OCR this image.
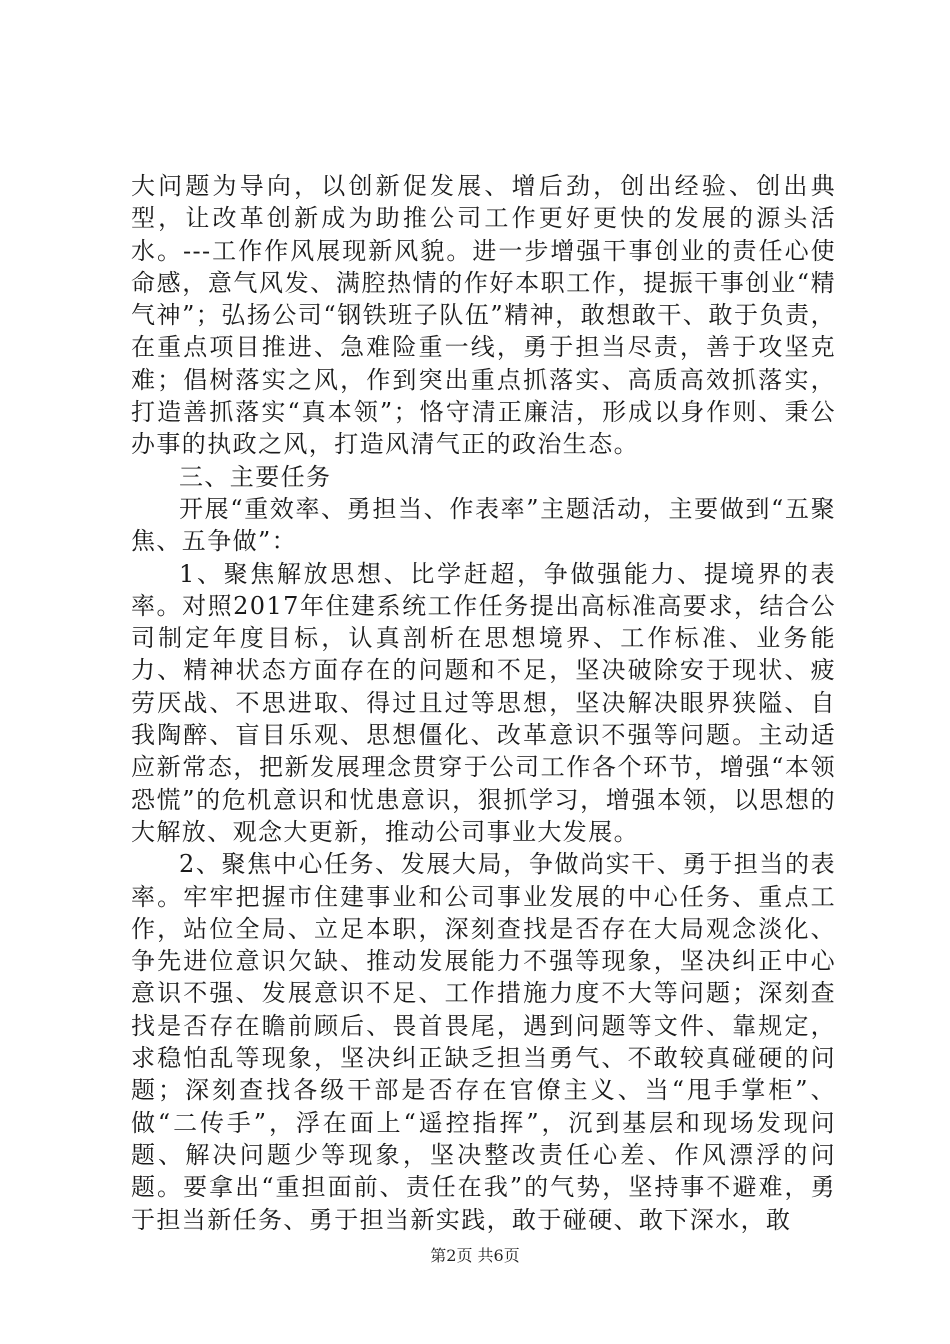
大问题为导向，以创新促发展、增后劲，创出经验、创出典型，让改革创新成为助推公司工作更好更快的发展的源头活水。---工作作风展现新风貌。进一步增强干事创业的责任心使命感，意气风发、满腔热情的作好本职工作，提振干事创业“精气神”；弘扬公司“钢铁班子队伍”精神，敢想敢干、敢于负责，在重点项目推进、急难险重一线，勇于担当尽责，善于攻坚克难；倡树落实之风，作到突出重点抓落实、高质高效抓落实，打造善抓落实“真本领”；恪守清正廉洁，形成以身作则、秉公办事的执政之风，打造风清气正的政治生态。

三、主要任务

开展“重效率、勇担当、作表率”主题活动，主要做到“五聚焦、五争做”：

1、聚焦解放思想、比学赶超，争做强能力、提境界的表率。对照2017年住建系统工作任务提出高标准高要求，结合公司制定年度目标，认真剖析在思想境界、工作标准、业务能力、精神状态方面存在的问题和不足，坚决破除安于现状、疲劳厌战、不思进取、得过且过等思想，坚决解决眼界狭隘、自我陶醉、盲目乐观、思想僵化、改革意识不强等问题。主动适应新常态，把新发展理念贯穿于公司工作各个环节，增强“本领恐慌”的危机意识和忧患意识，狠抓学习，增强本领，以思想的大解放、观念大更新，推动公司事业大发展。

2、聚焦中心任务、发展大局，争做尚实干、勇于担当的表率。牢牢把握市住建事业和公司事业发展的中心任务、重点工作，站位全局、立足本职，深刻查找是否存在大局观念淡化、争先进位意识欠缺、推动发展能力不强等现象，坚决纠正中心意识不强、发展意识不足、工作措施力度不大等问题；深刻查找是否存在瞻前顾后、畏首畏尾，遇到问题等文件、靠规定，求稳怕乱等现象，坚决纠正缺乏担当勇气、不敢较真碰硬的问题；深刻查找各级干部是否存在官僚主义、当“甩手掌柜”、做“二传手”，浮在面上“遥控指挥”，沉到基层和现场发现问题、解决问题少等现象，坚决整改责任心差、作风漂浮的问题。要拿出“重担面前、责任在我”的气势，坚持事不避难，勇于担当新任务、勇于担当新实践，敢于碰硬、敢下深水，敢

第2页 共6页
